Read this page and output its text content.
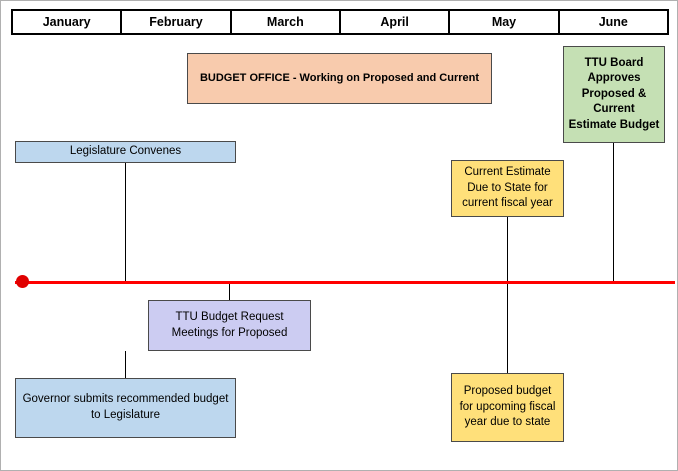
January	February	March	April	May	June
BUDGET OFFICE - Working on Proposed and Current
TTU Board Approves Proposed & Current Estimate Budget
Legislature Convenes
Current Estimate Due to State for current fiscal year
TTU Budget Request Meetings for Proposed
Governor submits recommended budget to Legislature
Proposed budget for upcoming fiscal year due to state
